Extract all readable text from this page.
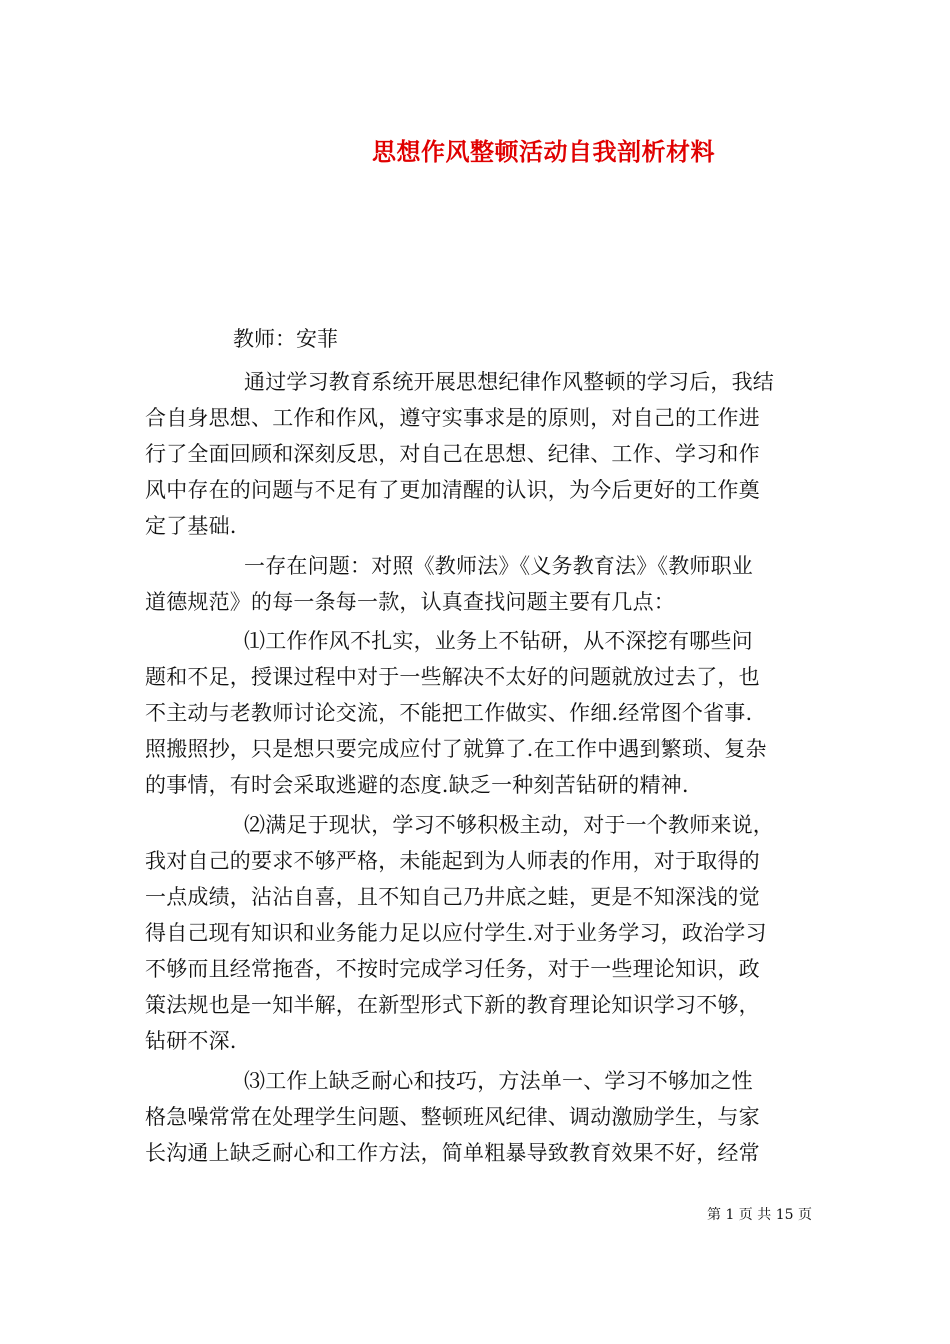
思想作风整顿活动自我剖析材料
教师：安菲
通过学习教育系统开展思想纪律作风整顿的学习后，我结
合自身思想、工作和作风，遵守实事求是的原则，对自己的工作进
行了全面回顾和深刻反思，对自己在思想、纪律、工作、学习和作
风中存在的问题与不足有了更加清醒的认识，为今后更好的工作奠
定了基础.
一存在问题：对照《教师法》《义务教育法》《教师职业
道德规范》的每一条每一款，认真查找问题主要有几点：
⑴工作作风不扎实，业务上不钻研，从不深挖有哪些问
题和不足，授课过程中对于一些解决不太好的问题就放过去了，也
不主动与老教师讨论交流，不能把工作做实、作细.经常图个省事.
照搬照抄，只是想只要完成应付了就算了.在工作中遇到繁琐、复杂
的事情，有时会采取逃避的态度.缺乏一种刻苦钻研的精神.
⑵满足于现状，学习不够积极主动，对于一个教师来说，
我对自己的要求不够严格，未能起到为人师表的作用，对于取得的
一点成绩，沾沾自喜，且不知自己乃井底之蛙，更是不知深浅的觉
得自己现有知识和业务能力足以应付学生.对于业务学习，政治学习
不够而且经常拖沓，不按时完成学习任务，对于一些理论知识，政
策法规也是一知半解，在新型形式下新的教育理论知识学习不够，
钻研不深.
⑶工作上缺乏耐心和技巧，方法单一、学习不够加之性
格急噪常常在处理学生问题、整顿班风纪律、调动激励学生，与家
长沟通上缺乏耐心和工作方法，简单粗暴导致教育效果不好，经常
第 1 页 共 15 页
